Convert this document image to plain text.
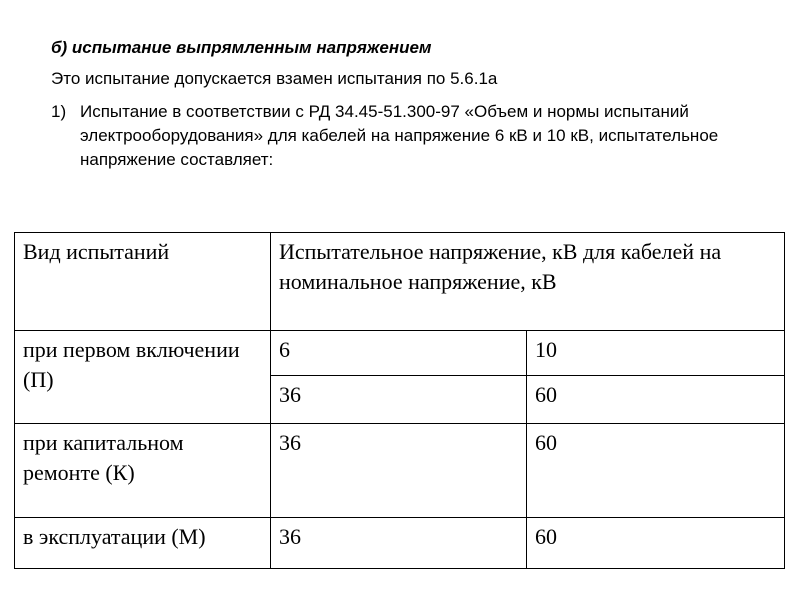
б) испытание выпрямленным напряжением
Это испытание допускается взамен испытания по 5.6.1а
1) Испытание в соответствии с РД 34.45-51.300-97 «Объем и нормы испытаний электрооборудования» для кабелей на напряжение 6 кВ и 10 кВ, испытательное напряжение составляет:
Вид испытаний	Испытательное напряжение, кВ для кабелей на номинальное напряжение, кВ	
при первом включении (П)	6	10
	36	60
при капитальном ремонте (К)	36	60
в эксплуатации (М)	36	60
